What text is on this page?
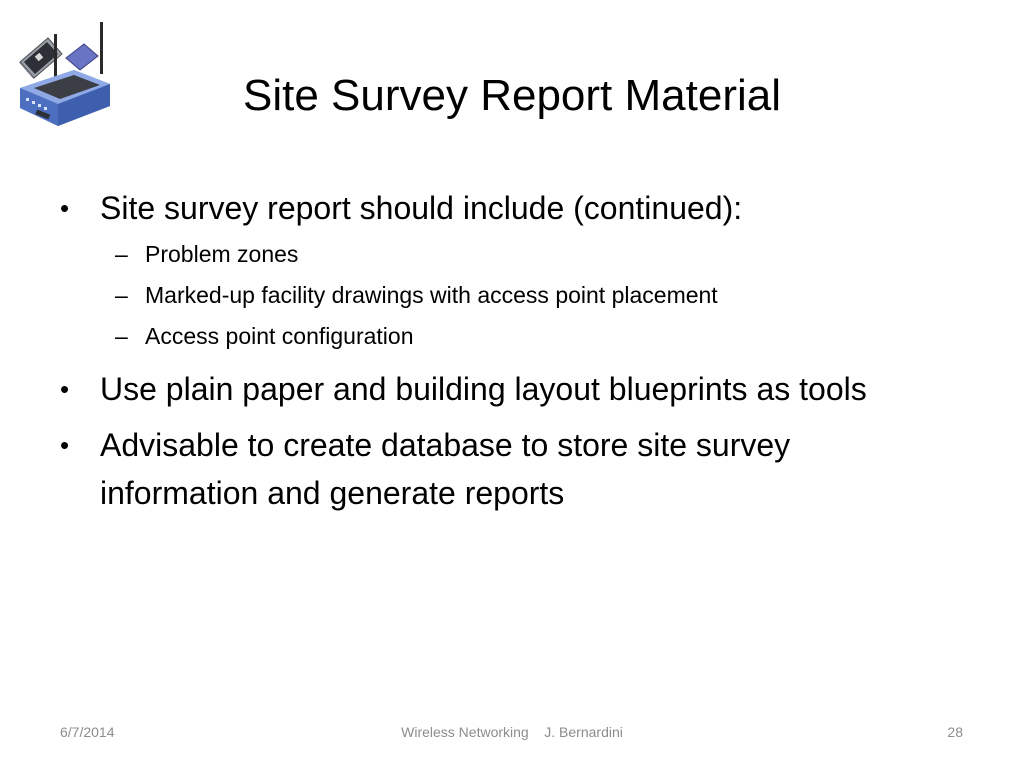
Site Survey Report Material
• Site survey report should include (continued):
– Problem zones
– Marked-up facility drawings with access point placement
– Access point configuration
• Use plain paper and building layout blueprints as tools
• Advisable to create database to store site survey information and generate reports
6/7/2014	Wireless Networking    J. Bernardini	28
